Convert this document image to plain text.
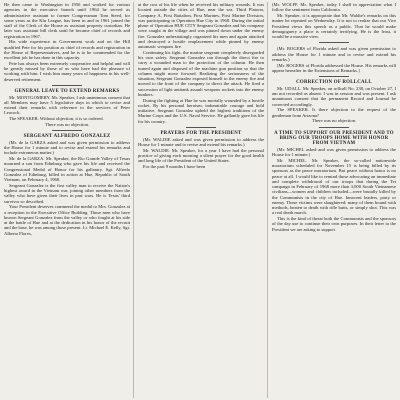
He then came to Washington in 1956 and worked for various agencies in the executive branch until 1964 he served as administrative assistant to former Congressman Tom Steed, for some years as the Klu League, has been in and in 1961 joined the staff of the Clerk of the House as assistant property custodian. He later was assistant bill clerk until he became chief of records and registration in 1967.

His wide experience in Government work and on the Hill qualified Pete for his position as chief of records and registration in the House of Representatives, and he is to be commended for the excellent job he has done in this capacity.

Pete has always been extremely cooperative and helpful and will be greatly missed by those of us who have had the pleasure of working with him. I wish him many years of happiness in his well-deserved retirement.

GENERAL LEAVE TO EXTEND REMARKS

Mr. MONTGOMERY. Mr. Speaker, I ask unanimous consent that all Members may have 5 legislative days in which to revise and extend their remarks with reference to the services of Peter Leacock.

The SPEAKER. Without objection, it is so ordered.

There was no objection.

SERGEANT ALFREDO GONZALEZ

(Mr. de la GARZA asked and was given permission to address the House for 1 minute and to revise and extend his remarks and include extraneous matter.)

Mr. de la GARZA. Mr. Speaker, the Rio Grande Valley of Texas mourned a son from Edinburg who gave his life and received the Congressional Medal of Honor for his gallantry. Sgt. Alfredo Gonzalez of Edinburg, killed in action at Hue, Republic of South Vietnam, on February 4, 1968.

Sergeant Gonzalez is the first valley man to receive the Nation's highest award in the Vietnam war, joining other members from the valley who have given their lives in past wars. He is Texas' third survivor so described.

Your President deserves commend the medal to Mrs. Gonzalez at a reception in the Executive Office Building. Those men who have known Sergeant Gonzalez from the valley or who fought at his side at the battle of Hue and at the dedication in his honor of the recruit and the base, he was among those present. Lt. Michael E. Kelly, Sgt. Alberto Flores,

at the cost of his life when he received his military wounds. It was located outside the cities of Hue, near the sea. Third Platoon, Company A, First Battalion, First Marines, First Marine Division, was participating in Operation Hue City in 1968. During the initial phase of Operation HUE CITY Sergeant Gonzalez and his company were caught in the village and was pinned down under the enemy fire. Gonzalez unhesitatingly organized his men and again attacked and destroyed a hostile emplacement while pinned by enemy automatic weapons fire.

Continuing his fight, the marine sergeant completely disregarded his own safety. Sergeant Gonzalez ran through the direct fire to carry a wounded man to the protection of the column. He then turned again and disposed of the machine gun position so that the column might move forward. Realizing the seriousness of the situation, Sergeant Gonzalez exposed himself to the enemy fire and moved to the front of the company to direct the attack. He fired a succession of light antitank assault weapons rockets into the enemy bunkers.

During the fighting at Hue he was mortally wounded by a hostile rocket. By his personal heroism, indomitable courage and bold initiative, Sergeant Gonzalez upheld the highest traditions of the Marine Corps and the U.S. Naval Service. He gallantly gave his life for his country.

PRAYERS FOR THE PRESIDENT

(Mr. WALDIE asked and was given permission to address the House for 1 minute and to revise and extend his remarks.)

Mr. WALDIE. Mr. Speaker, for a year I have had the personal practice of giving each morning a silent prayer for the good health and long life of the President of the United States.

For the past 9 months I have been

(Mr. WOLFF. Mr. Speaker, today I shall in appreciation what I follow the sentiment from California.

Mr. Speaker, it is appropriate that Mr. Waldie's remarks on this matter be repeated on Wednesday. It is not to realize that our Vice President views this speech as a public. That he would make demagoguery a place is certainly terrifying. He is the least, it would be a massive view.

(Mr. ROGERS of Florida asked and was given permission to address the House for 1 minute and to revise and extend his remarks.)

[Mr. ROGERS of Florida addressed the House. His remarks will appear hereafter in the Extensions of Remarks.]

CORRECTION OF ROLLCALL

Mr. UDALL. Mr. Speaker, on rollcall No. 238, on October 27, I am not recorded as absent. I was in session and was present. I ask unanimous consent that the permanent Record and Journal be corrected accordingly.

The SPEAKER. Is there objection to the request of the gentleman from Arizona?

There was no objection.

A TIME TO SUPPORT OUR PRESIDENT AND TO BRING OUR TROOPS HOME WITH HONOR FROM VIETNAM

(Mr. MICHEL asked and was given permission to address the House for 1 minute.)

Mr. MICHEL. Mr. Speaker, the so-called nationwide moratorium scheduled for November 15 is being billed by its sponsors as the peace moratorium. But peace without honor is no peace at all. I would like to remind those advocating an immediate and complete withdrawal of our troops that during the Tet campaign in February of 1968 more than 3,000 South Vietnamese civilians—women and children included—were brutally killed by the Communists in the city of Hue. Innocent leaders, party or enemy. These victims were slaughtered; many of them bound with methods, beaten to death with rifle butts, or simply shot. This was a real death march.

This is the kind of threat both the Communists and the sponsors of the day use to continue their own purposes. In their letter to the President we are asking to support
